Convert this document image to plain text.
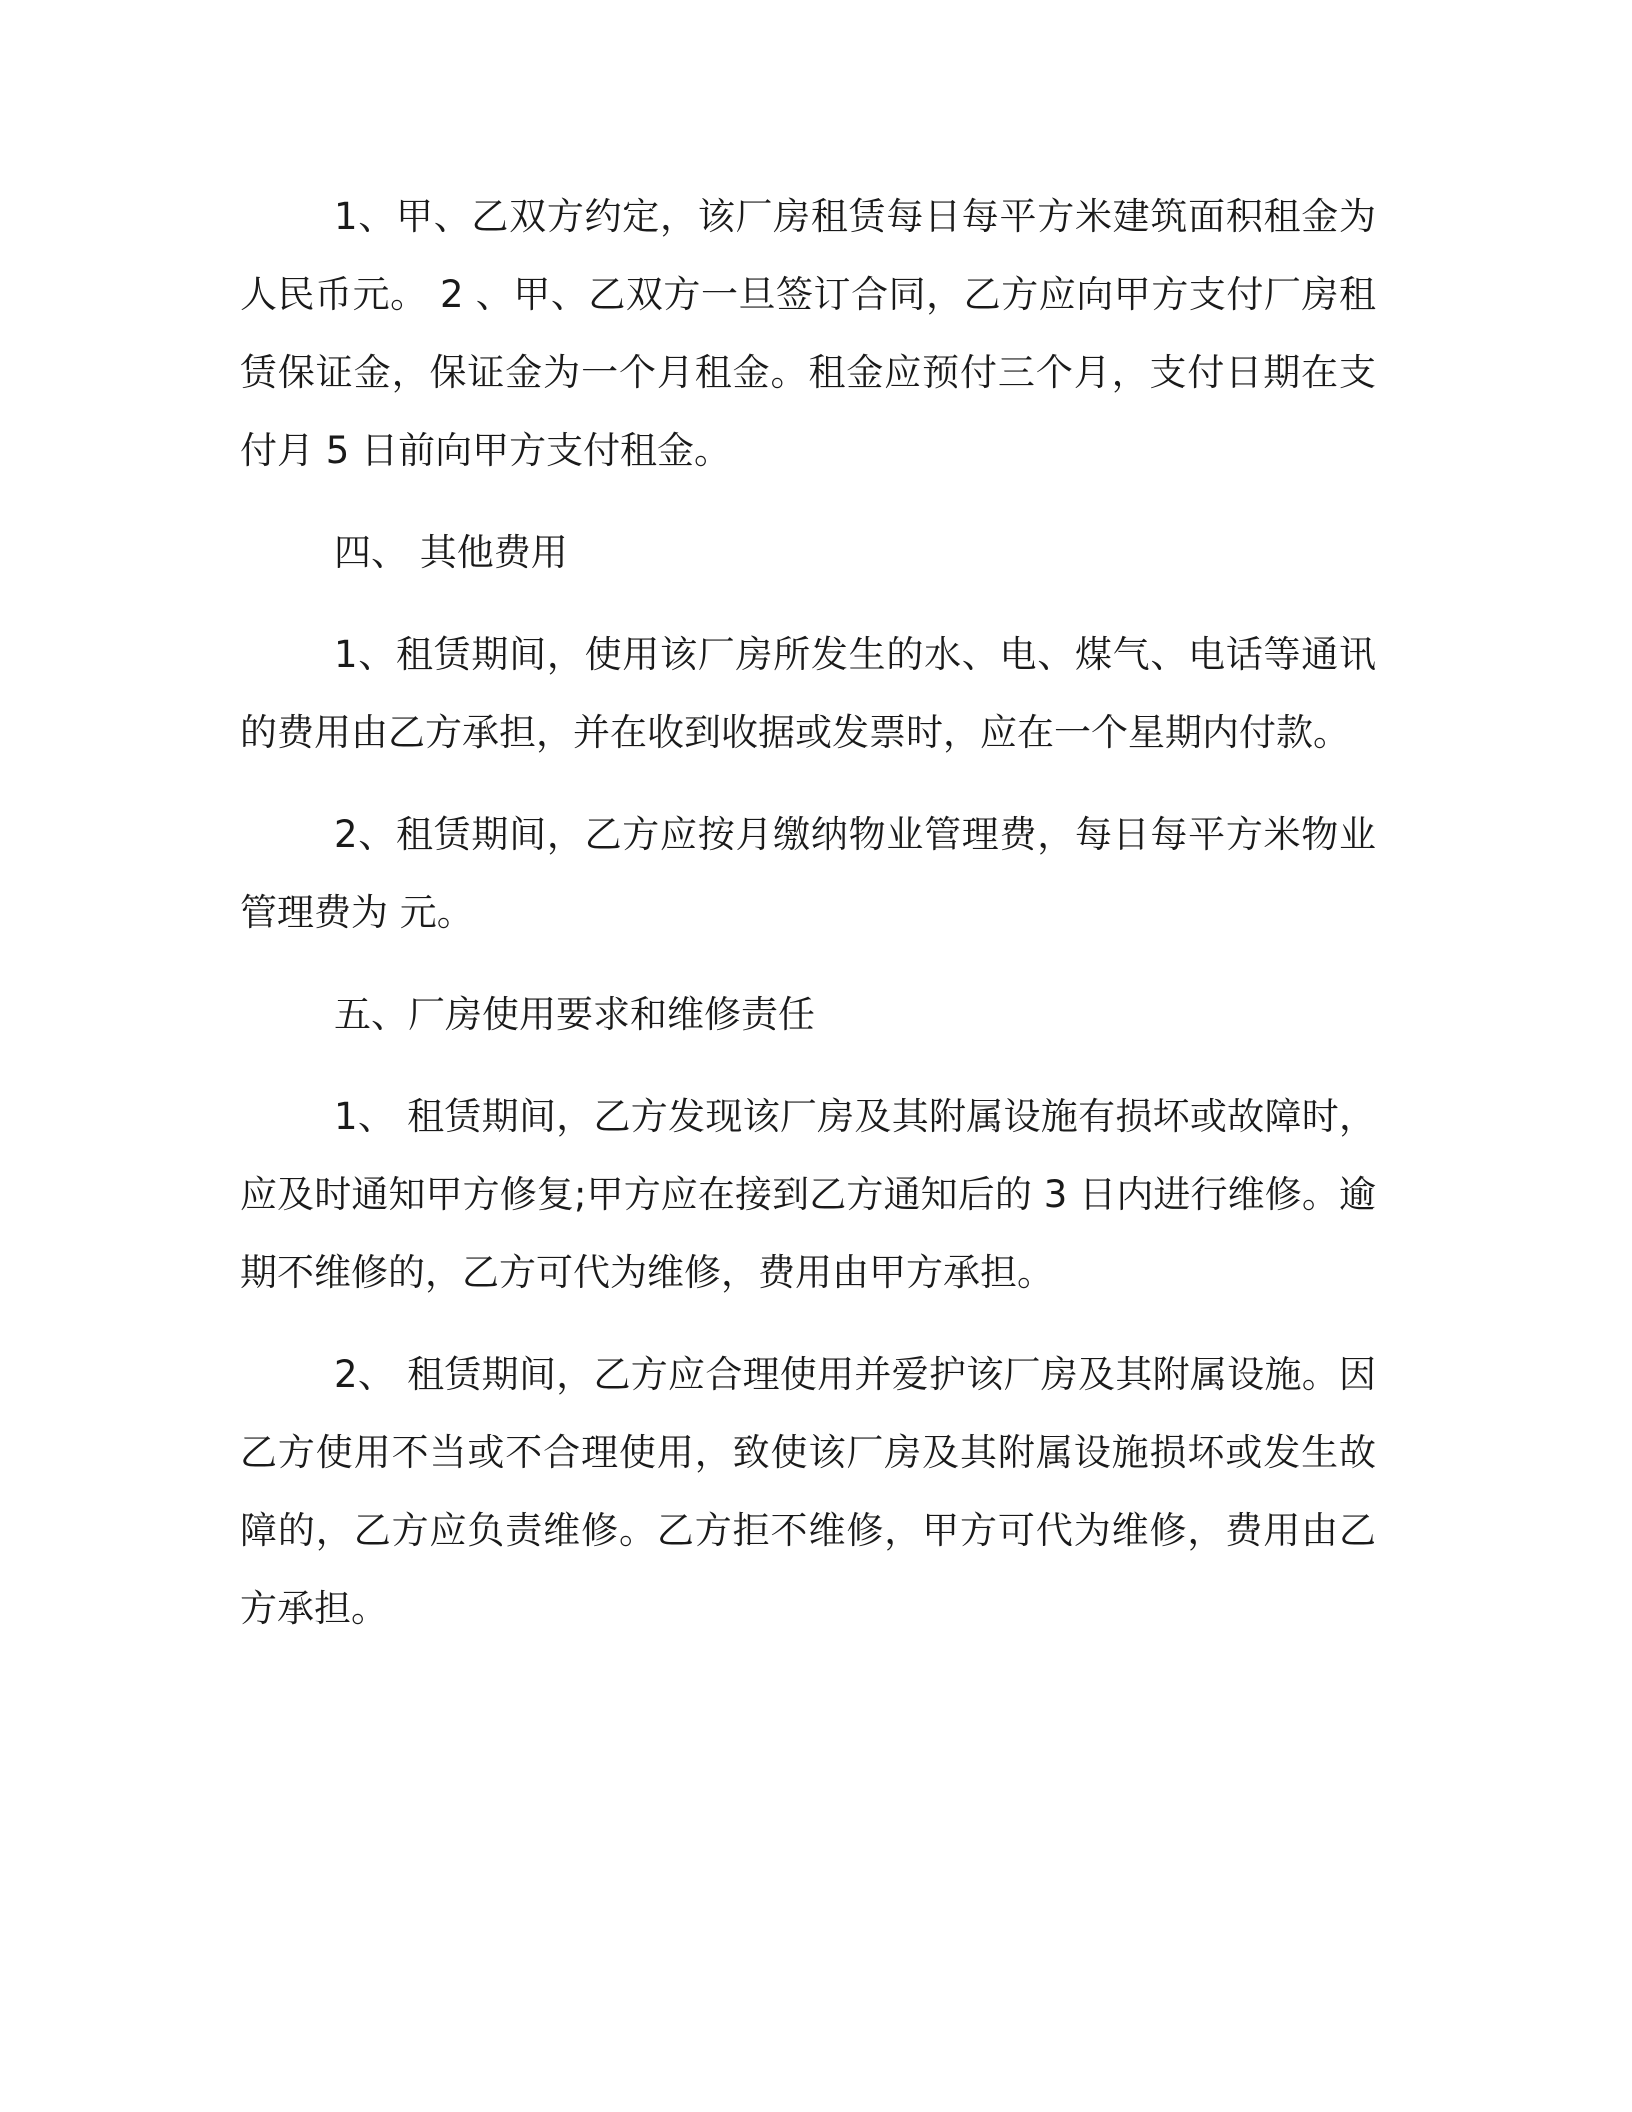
1、甲、乙双方约定，该厂房租赁每日每平方米建筑面积租金为人民币元。 2 、甲、乙双方一旦签订合同，乙方应向甲方支付厂房租赁保证金，保证金为一个月租金。租金应预付三个月，支付日期在支付月 5 日前向甲方支付租金。

四、 其他费用

1、租赁期间，使用该厂房所发生的水、电、煤气、电话等通讯的费用由乙方承担，并在收到收据或发票时，应在一个星期内付款。

2、租赁期间，乙方应按月缴纳物业管理费，每日每平方米物业管理费为 元。

五、厂房使用要求和维修责任

1、 租赁期间，乙方发现该厂房及其附属设施有损坏或故障时，应及时通知甲方修复;甲方应在接到乙方通知后的 3 日内进行维修。逾期不维修的，乙方可代为维修，费用由甲方承担。

2、 租赁期间，乙方应合理使用并爱护该厂房及其附属设施。因乙方使用不当或不合理使用，致使该厂房及其附属设施损坏或发生故障的，乙方应负责维修。乙方拒不维修，甲方可代为维修，费用由乙方承担。
